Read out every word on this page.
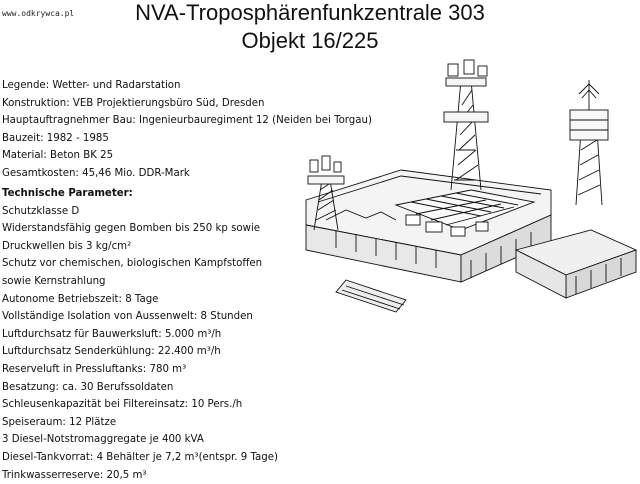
www.odkrywca.pl	NVA-Troposphärenfunkzentrale 303
Objekt 16/225
Legende: Wetter- und Radarstation
Konstruktion: VEB Projektierungsbüro Süd, Dresden
Hauptauftragnehmer Bau: Ingenieurbauregiment 12 (Neiden bei Torgau)
Bauzeit: 1982 - 1985
Material: Beton BK 25
Gesamtkosten: 45,46 Mio. DDR-Mark
Technische Parameter:
Schutzklasse D
Widerstandsfähig gegen Bomben bis 250 kp sowie
Druckwellen bis 3 kg/cm²
Schutz vor chemischen, biologischen Kampfstoffen
sowie Kernstrahlung
Autonome Betriebszeit: 8 Tage
Vollständige Isolation von Aussenwelt: 8 Stunden
Luftdurchsatz für Bauwerksluft: 5.000 m³/h
Luftdurchsatz Senderkühlung: 22.400 m³/h
Reserveluft in Pressluftanks: 780 m³
Besatzung: ca. 30 Berufssoldaten
Schleusenkapazität bei Filtereinsatz: 10 Pers./h
Speiseraum: 12 Plätze
3 Diesel-Notstromaggregate je 400 kVA
Diesel-Tankvorrat: 4 Behälter je 7,2 m³(entspr. 9 Tage)
Trinkwasserreserve: 20,5 m³
